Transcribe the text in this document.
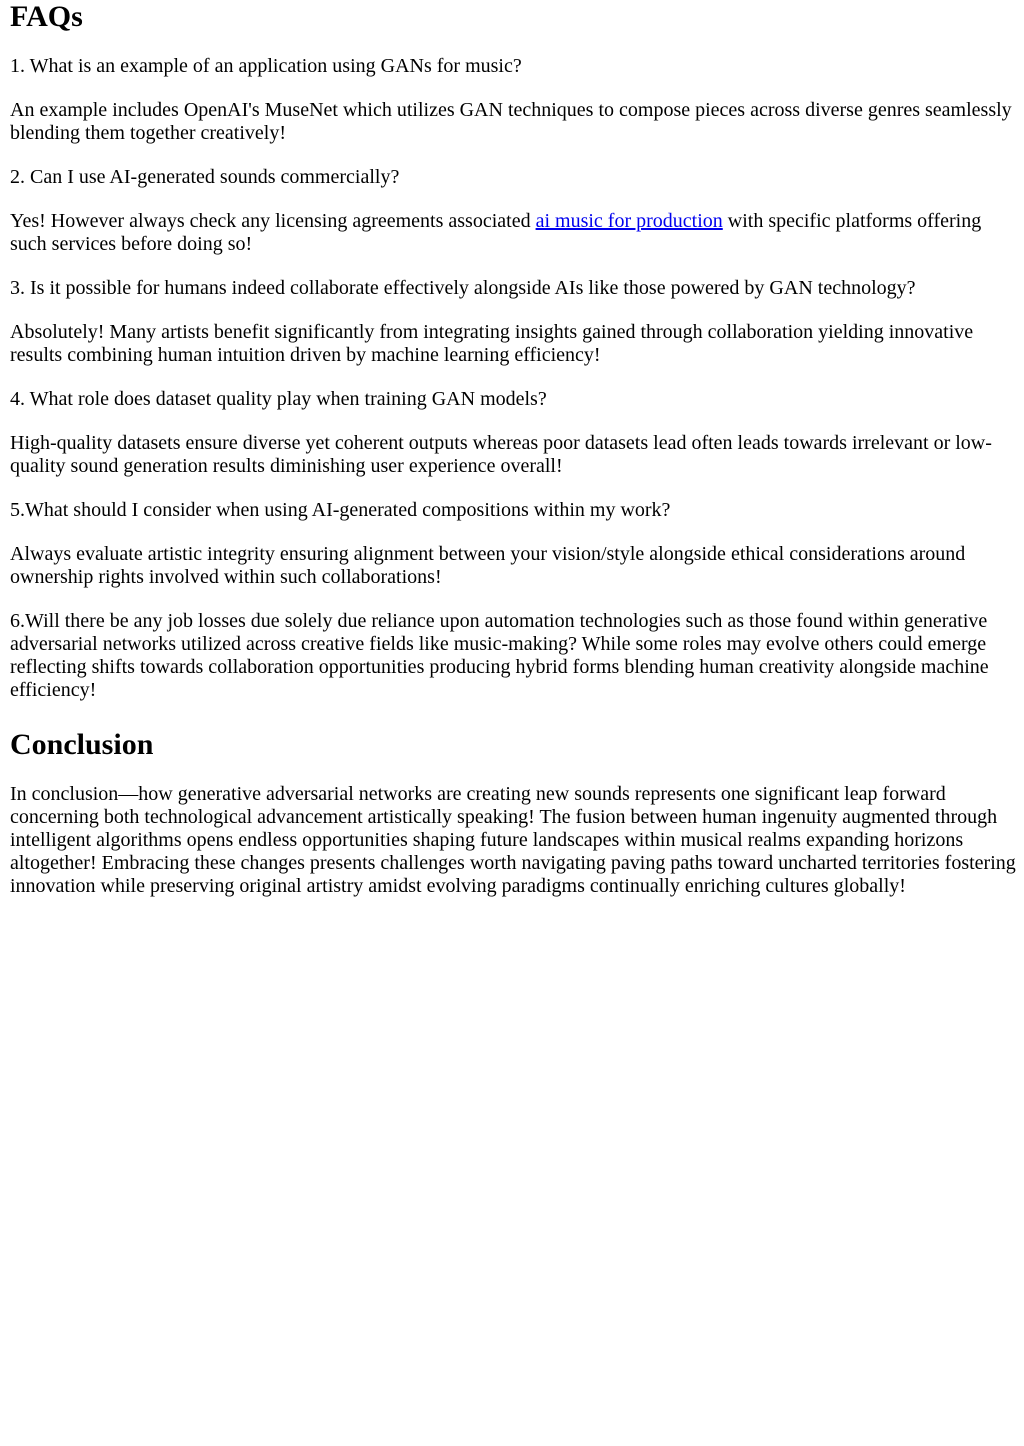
FAQs

1. What is an example of an application using GANs for music?

An example includes OpenAI's MuseNet which utilizes GAN techniques to compose pieces across diverse genres seamlessly blending them together creatively!

2. Can I use AI-generated sounds commercially?

Yes! However always check any licensing agreements associated ai music for production with specific platforms offering such services before doing so!

3. Is it possible for humans indeed collaborate effectively alongside AIs like those powered by GAN technology?

Absolutely! Many artists benefit significantly from integrating insights gained through collaboration yielding innovative results combining human intuition driven by machine learning efficiency!

4. What role does dataset quality play when training GAN models?

High-quality datasets ensure diverse yet coherent outputs whereas poor datasets lead often leads towards irrelevant or low-quality sound generation results diminishing user experience overall!

5.What should I consider when using AI-generated compositions within my work?

Always evaluate artistic integrity ensuring alignment between your vision/style alongside ethical considerations around ownership rights involved within such collaborations!

6.Will there be any job losses due solely due reliance upon automation technologies such as those found within generative adversarial networks utilized across creative fields like music-making? While some roles may evolve others could emerge reflecting shifts towards collaboration opportunities producing hybrid forms blending human creativity alongside machine efficiency!

Conclusion

In conclusion—how generative adversarial networks are creating new sounds represents one significant leap forward concerning both technological advancement artistically speaking! The fusion between human ingenuity augmented through intelligent algorithms opens endless opportunities shaping future landscapes within musical realms expanding horizons altogether! Embracing these changes presents challenges worth navigating paving paths toward uncharted territories fostering innovation while preserving original artistry amidst evolving paradigms continually enriching cultures globally!
